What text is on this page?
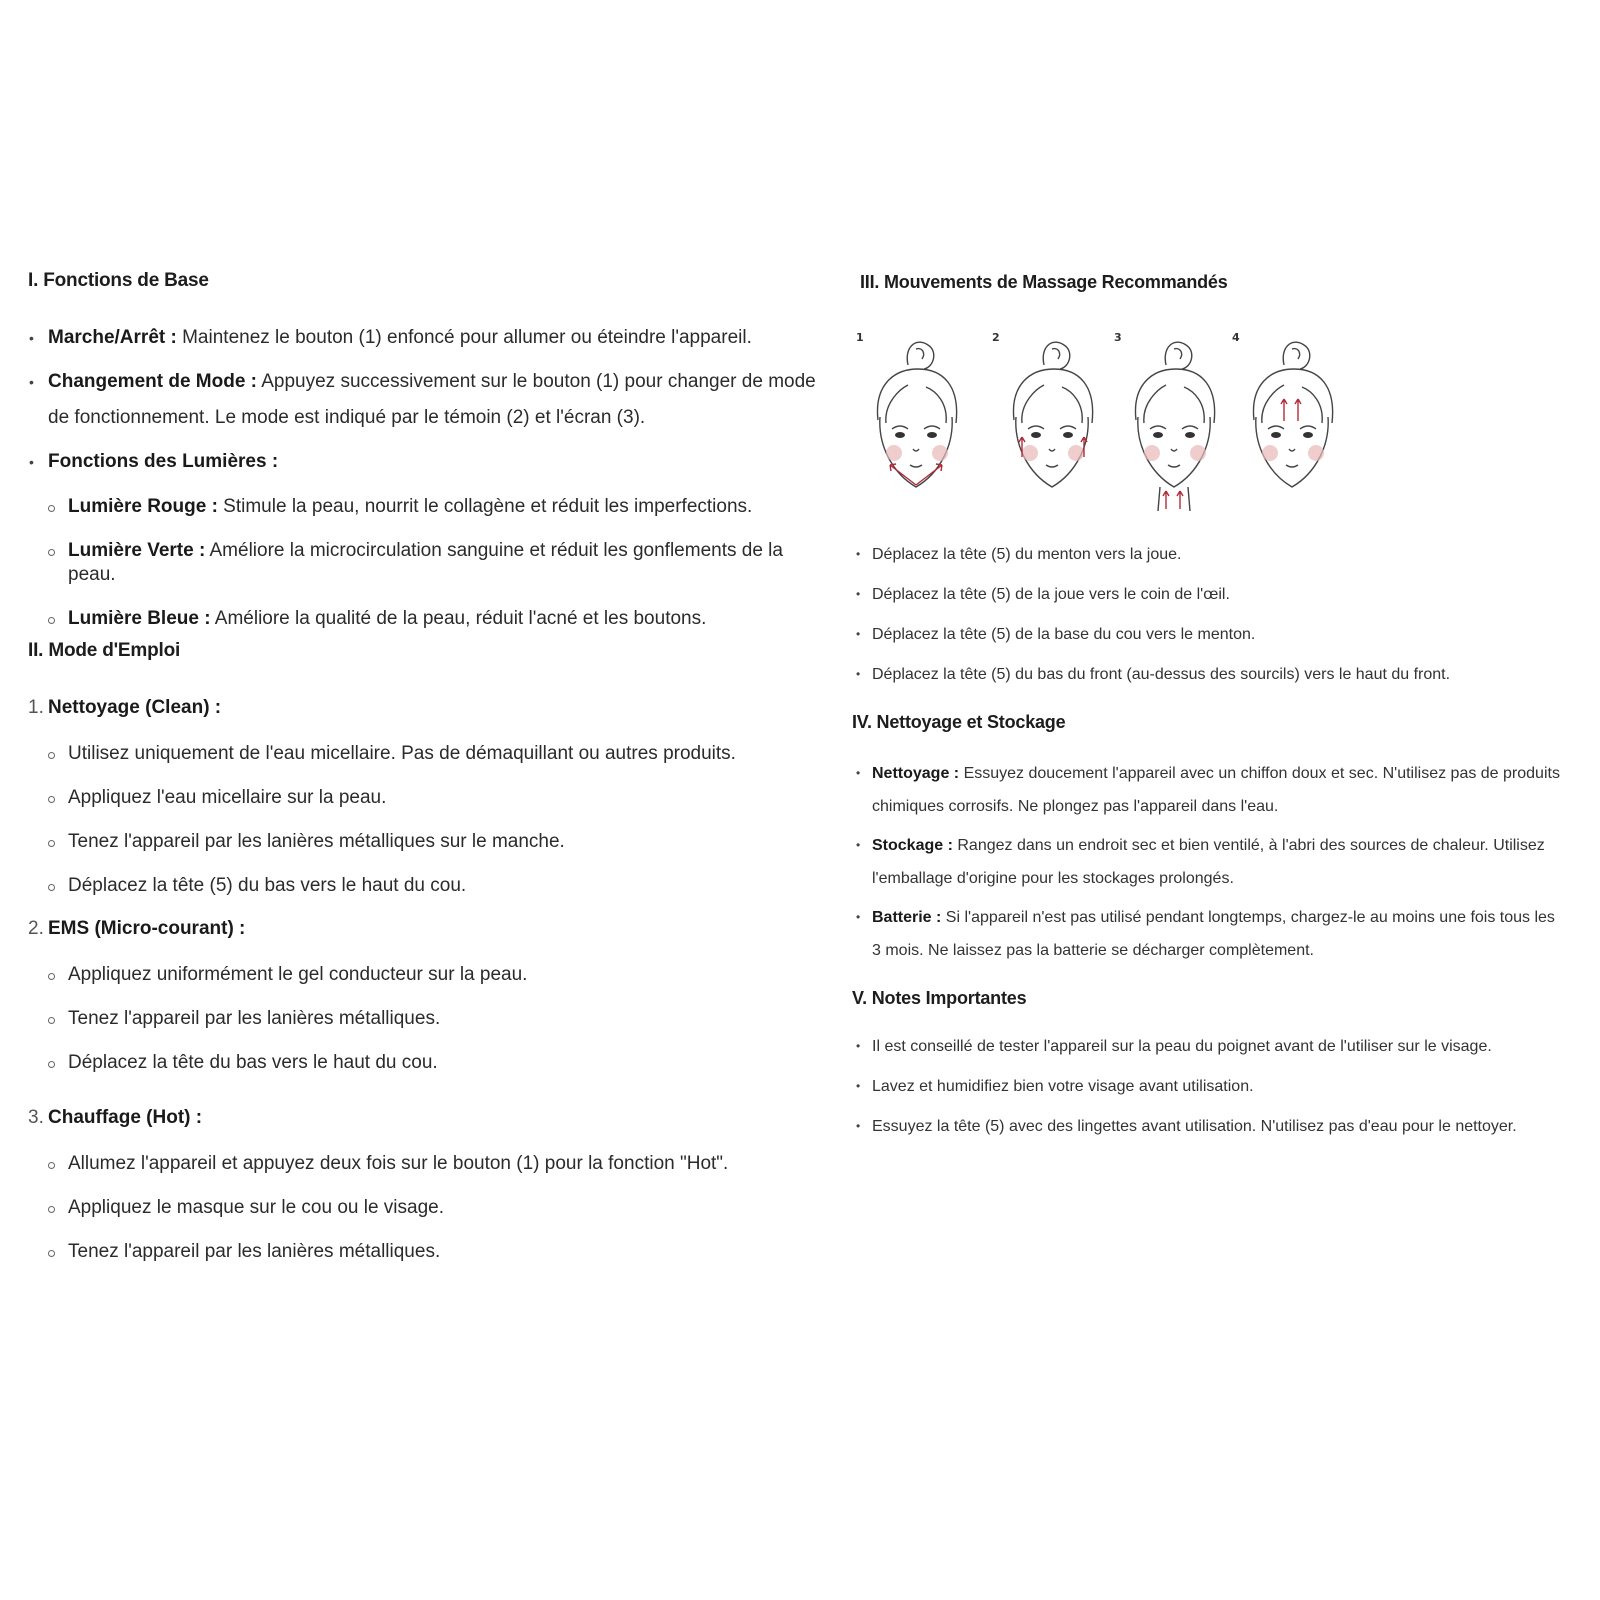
I. Fonctions de Base
• Marche/Arrêt : Maintenez le bouton (1) enfoncé pour allumer ou éteindre l'appareil.
• Changement de Mode : Appuyez successivement sur le bouton (1) pour changer de mode de fonctionnement. Le mode est indiqué par le témoin (2) et l'écran (3).
• Fonctions des Lumières :
Lumière Rouge : Stimule la peau, nourrit le collagène et réduit les imperfections.
Lumière Verte : Améliore la microcirculation sanguine et réduit les gonflements de la peau.
Lumière Bleue : Améliore la qualité de la peau, réduit l'acné et les boutons.
II. Mode d'Emploi
1. Nettoyage (Clean) :
Utilisez uniquement de l'eau micellaire. Pas de démaquillant ou autres produits.
Appliquez l'eau micellaire sur la peau.
Tenez l'appareil par les lanières métalliques sur le manche.
Déplacez la tête (5) du bas vers le haut du cou.
2. EMS (Micro-courant) :
Appliquez uniformément le gel conducteur sur la peau.
Tenez l'appareil par les lanières métalliques.
Déplacez la tête du bas vers le haut du cou.
3. Chauffage (Hot) :
Allumez l'appareil et appuyez deux fois sur le bouton (1) pour la fonction "Hot".
Appliquez le masque sur le cou ou le visage.
Tenez l'appareil par les lanières métalliques.
III. Mouvements de Massage Recommandés
1	2	3	4
• Déplacez la tête (5) du menton vers la joue.
• Déplacez la tête (5) de la joue vers le coin de l'œil.
• Déplacez la tête (5) de la base du cou vers le menton.
• Déplacez la tête (5) du bas du front (au-dessus des sourcils) vers le haut du front.
IV. Nettoyage et Stockage
• Nettoyage : Essuyez doucement l'appareil avec un chiffon doux et sec. N'utilisez pas de produits
chimiques corrosifs. Ne plongez pas l'appareil dans l'eau.
• Stockage : Rangez dans un endroit sec et bien ventilé, à l'abri des sources de chaleur. Utilisez
l'emballage d'origine pour les stockages prolongés.
• Batterie : Si l'appareil n'est pas utilisé pendant longtemps, chargez-le au moins une fois tous les
3 mois. Ne laissez pas la batterie se décharger complètement.
V. Notes Importantes
• Il est conseillé de tester l'appareil sur la peau du poignet avant de l'utiliser sur le visage.
• Lavez et humidifiez bien votre visage avant utilisation.
• Essuyez la tête (5) avec des lingettes avant utilisation. N'utilisez pas d'eau pour le nettoyer.
